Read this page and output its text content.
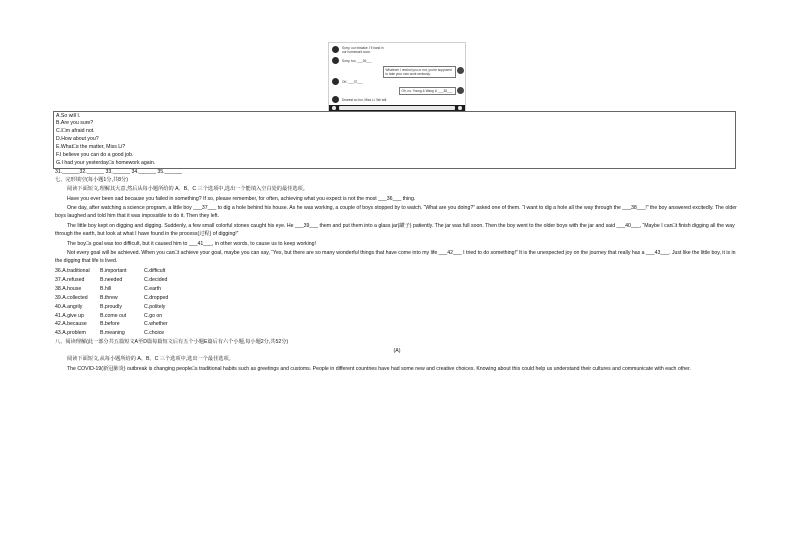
Sorry, our mistake. I'll hand in
our homework soon.
Sorry, too. ___36___
Whatever I remind you or not, you're supposed
to take your own work seriously.
OK. ___37___
Oh, no. Young & Wang Li ___38___
Dearest so fun, Miss Li. We will.
A.So will I.
B.Are you sure?
C.I□m afraid not.
D.How about you?
E.What□s the matter, Miss Li?
F.I believe you can do a good job.
G.I had your yesterday□s homework again.
31.______32.______ 33.______ 34.______ 35.______
七、完形填空(每小题1分,共8分)
阅读下面短文,理解其大意,然后从每小题所给的 A、B、C 三个选项中,选出一个能填入空白处的最佳选项。
Have you ever been sad because you failed in something? If so, please remember, for often, achieving what you expect is not the most ___36___ thing.
One day, after watching a science program, a little boy ___37___ to dig a hole behind his house. As he was working, a couple of boys stopped by to watch. “What are you doing?” asked one of them. “I want to dig a hole all the way through the ___38___!” the boy answered excitedly. The older boys laughed and told him that it was impossible to do it. Then they left.
The little boy kept on digging and digging. Suddenly, a few small colorful stones caught his eye. He ___39___ them and put them into a glass jar(罐子) patiently. The jar was full soon. Then the boy went to the older boys with the jar and said ___40___, “Maybe I can□t finish digging all the way through the earth, but look at what I have found in the process(过程) of digging!”
The boy□s goal was too difficult, but it caused him to ___41___, in other words, to cause us to keep working!
Not every goal will be achieved. When you can□t achieve your goal, maybe you can say, “Yes, but there are so many wonderful things that have come into my life ___42___ I tried to do something!” It is the unexpected joy on the journey that really has a ___43___. Just like the little boy, it is in the digging that life is lived.
36.A.traditional B.important	C.difficult
37.A.refused	B.needed	C.decided
38.A.house	B.hill	C.earth
39.A.collected B.threw	C.dropped
40.A.angrily	B.proudly	C.politely
41.A.give up	B.come out	C.go on
42.A.because	B.before	C.whether
43.A.problem	B.meaning	C.choice
八、阅读理解(此一部分共五篇短文A至D篇每篇短文后有五个小题E篇后有六个小题,每小题2分,共52分)
(A)
阅读下面短文,从每小题所给的 A、B、C 三个选项中,选出一个最佳选项。
The COVID-19(新冠肺炎) outbreak is changing people□s traditional habits such as greetings and customs. People in different countries have had some new and creative choices. Knowing about this could help us understand their cultures and communicate with each other.
